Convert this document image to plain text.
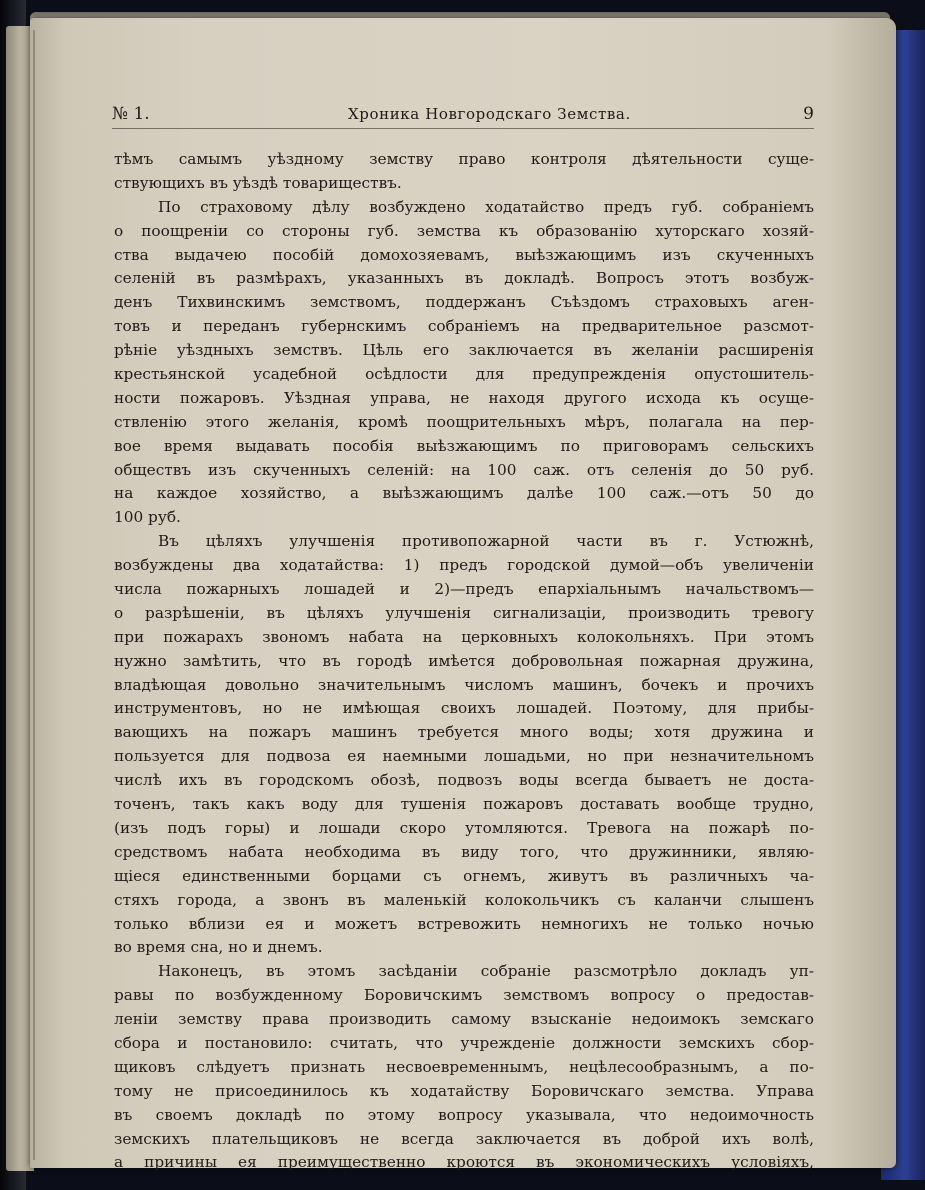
№ 1.	Хроника Новгородскаго Земства.	9
тѣмъ самымъ уѣздному земству право контроля дѣятельности суще-
ствующихъ въ уѣздѣ товариществъ.
По страховому дѣлу возбуждено ходатайство предъ губ. собраніемъ
о поощреніи со стороны губ. земства къ образованію хуторскаго хозяй-
ства выдачею пособій домохозяевамъ, выѣзжающимъ изъ скученныхъ
селеній въ размѣрахъ, указанныхъ въ докладѣ. Вопросъ этотъ возбуж-
денъ Тихвинскимъ земствомъ, поддержанъ Съѣздомъ страховыхъ аген-
товъ и переданъ губернскимъ собраніемъ на предварительное разсмот-
рѣніе уѣздныхъ земствъ. Цѣль его заключается въ желаніи расширенія
крестьянской усадебной осѣдлости для предупрежденія опустошитель-
ности пожаровъ. Уѣздная управа, не находя другого исхода къ осуще-
ствленію этого желанія, кромѣ поощрительныхъ мѣръ, полагала на пер-
вое время выдавать пособія выѣзжающимъ по приговорамъ сельскихъ
обществъ изъ скученныхъ селеній: на 100 саж. отъ селенія до 50 руб.
на каждое хозяйство, а выѣзжающимъ далѣе 100 саж.—отъ 50 до
100 руб.
Въ цѣляхъ улучшенія противопожарной части въ г. Устюжнѣ,
возбуждены два ходатайства: 1) предъ городской думой—объ увеличеніи
числа пожарныхъ лошадей и 2)—предъ епархіальнымъ начальствомъ—
о разрѣшеніи, въ цѣляхъ улучшенія сигнализаціи, производить тревогу
при пожарахъ звономъ набата на церковныхъ колокольняхъ. При этомъ
нужно замѣтить, что въ городѣ имѣется добровольная пожарная дружина,
владѣющая довольно значительнымъ числомъ машинъ, бочекъ и прочихъ
инструментовъ, но не имѣющая своихъ лошадей. Поэтому, для прибы-
вающихъ на пожаръ машинъ требуется много воды; хотя дружина и
пользуется для подвоза ея наемными лошадьми, но при незначительномъ
числѣ ихъ въ городскомъ обозѣ, подвозъ воды всегда бываетъ не доста-
точенъ, такъ какъ воду для тушенія пожаровъ доставать вообще трудно,
(изъ подъ горы) и лошади скоро утомляются. Тревога на пожарѣ по-
средствомъ набата необходима въ виду того, что дружинники, являю-
щіеся единственными борцами съ огнемъ, живутъ въ различныхъ ча-
стяхъ города, а звонъ въ маленькій колокольчикъ съ каланчи слышенъ
только вблизи ея и можетъ встревожить немногихъ не только ночью
во время сна, но и днемъ.
Наконецъ, въ этомъ засѣданіи собраніе разсмотрѣло докладъ уп-
равы по возбужденному Боровичскимъ земствомъ вопросу о предостав-
леніи земству права производить самому взысканіе недоимокъ земскаго
сбора и постановило: считать, что учрежденіе должности земскихъ сбор-
щиковъ слѣдуетъ признать несвоевременнымъ, нецѣлесообразнымъ, а по-
тому не присоединилось къ ходатайству Боровичскаго земства. Управа
въ своемъ докладѣ по этому вопросу указывала, что недоимочность
земскихъ плательщиковъ не всегда заключается въ доброй ихъ волѣ,
а причины ея преимущественно кроются въ экономическихъ условіяхъ,
